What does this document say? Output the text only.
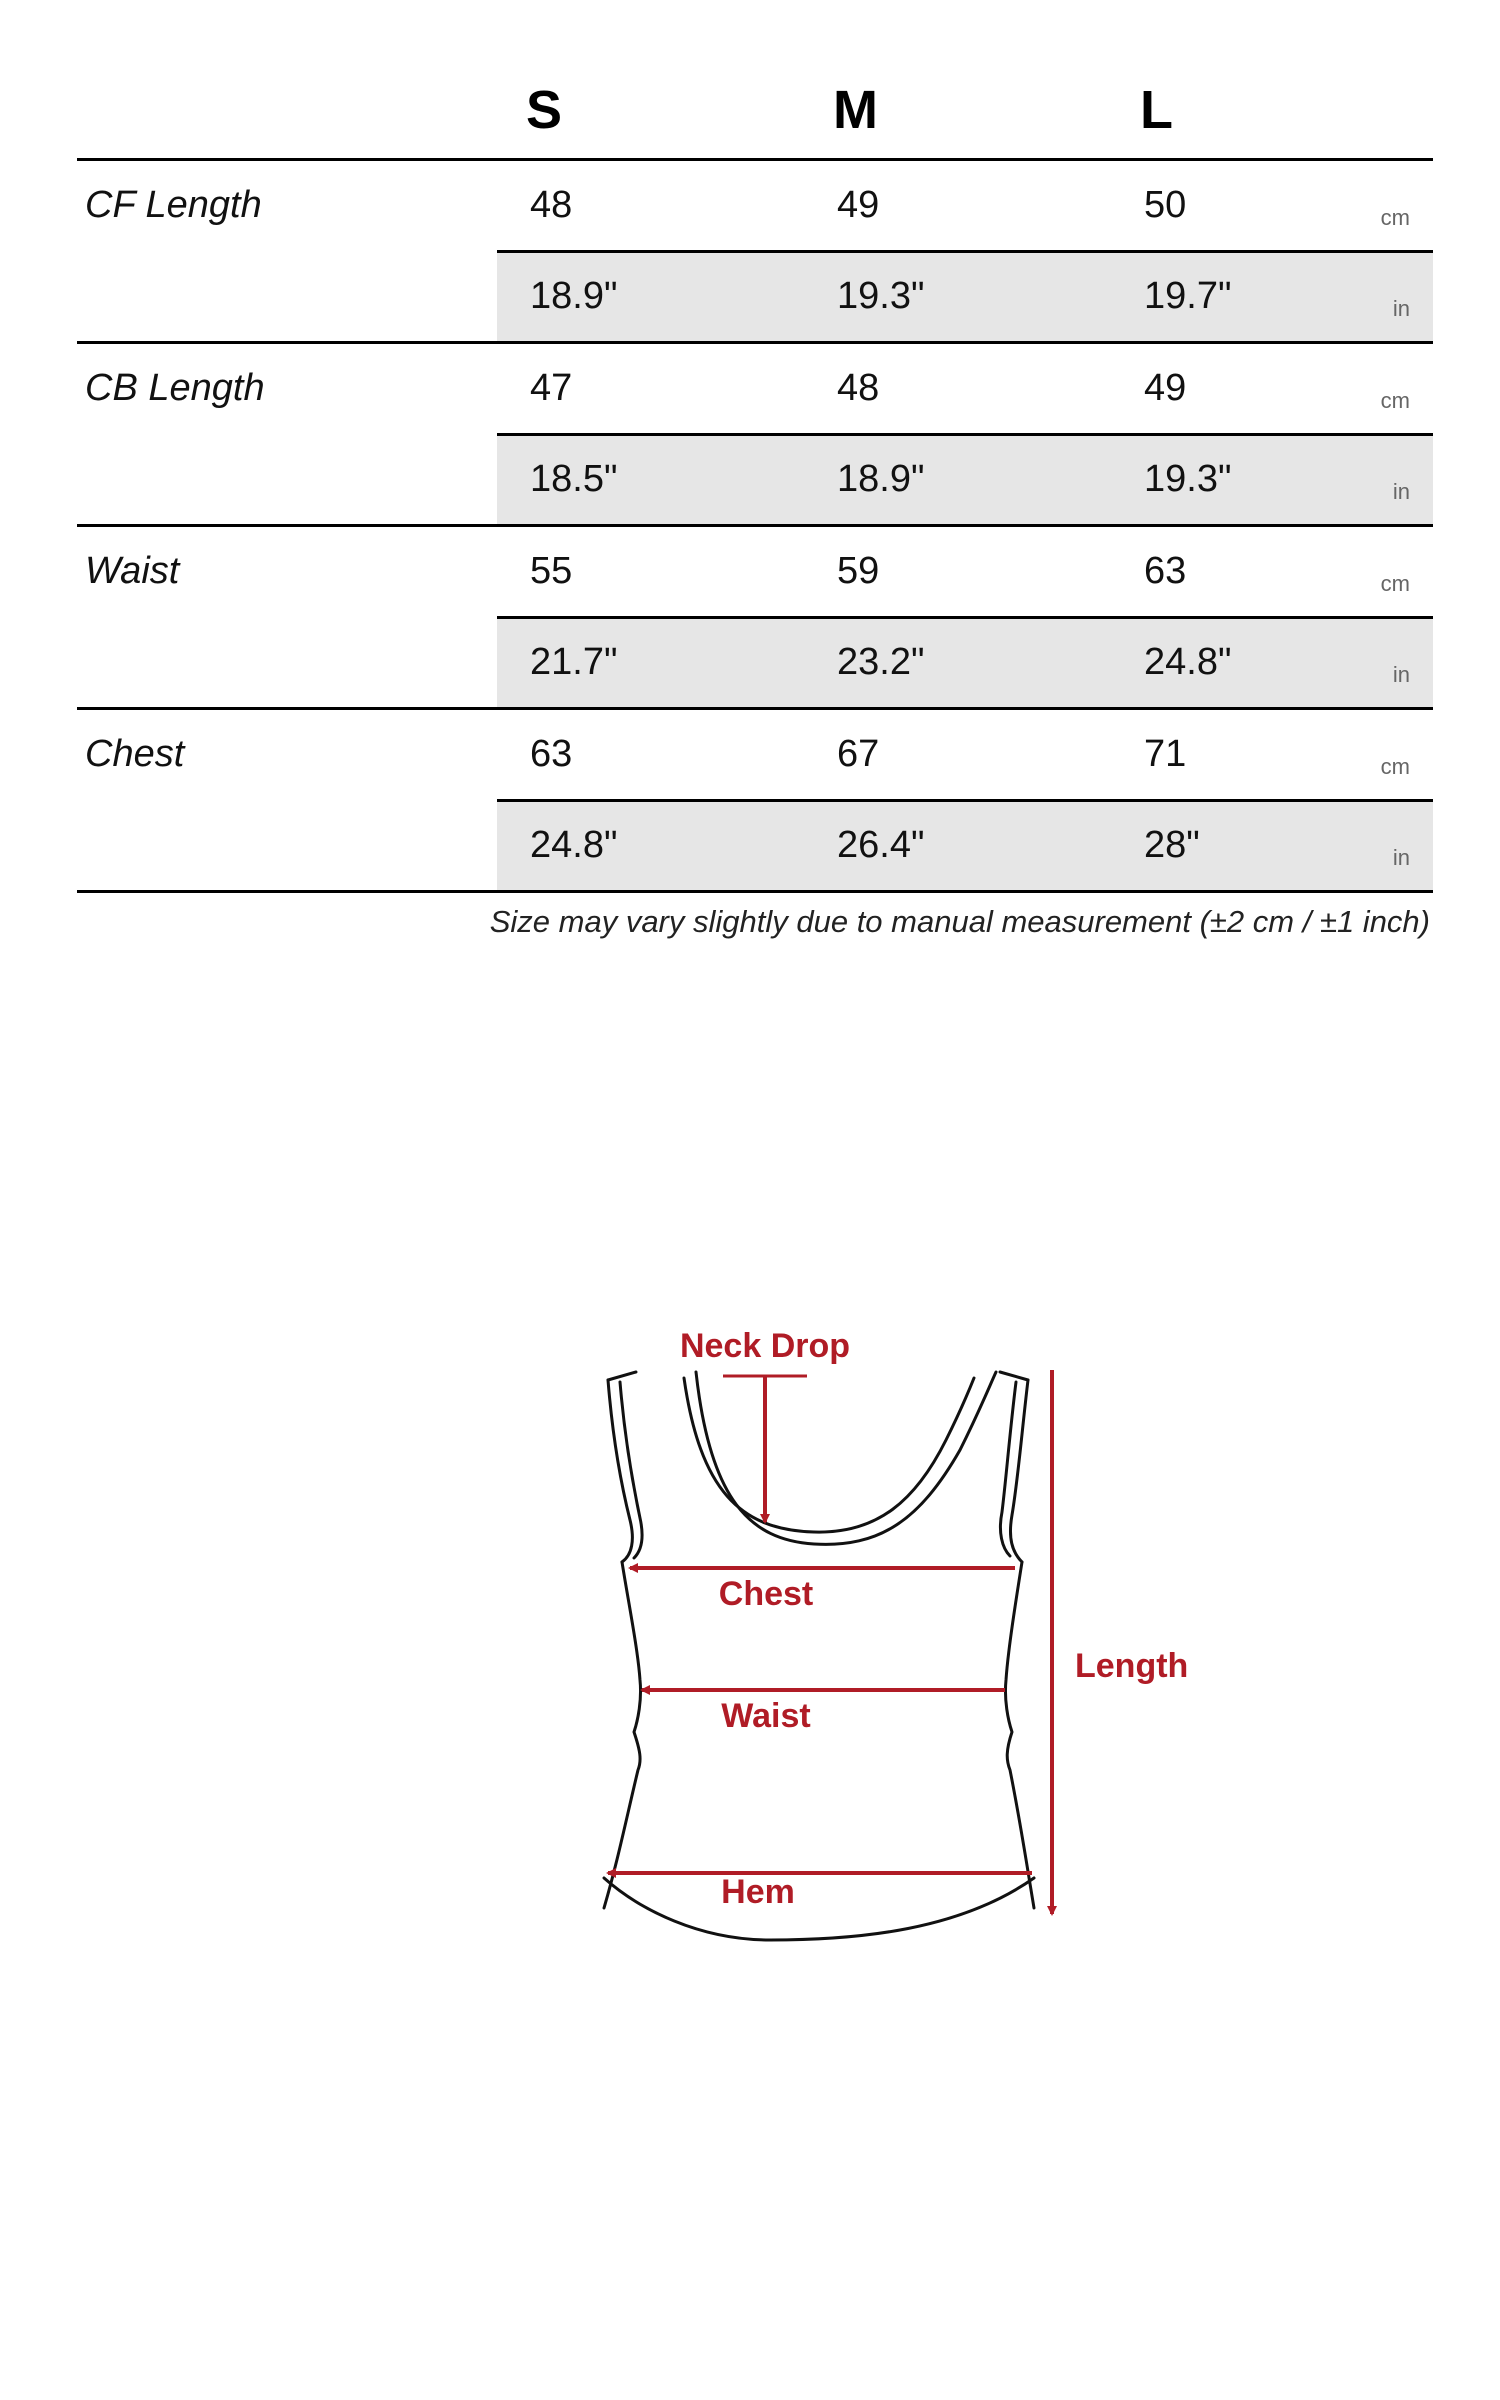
S	M	L
CF Length	48	49	50	cm
18.9"	19.3"	19.7"	in
CB Length	47	48	49	cm
18.5"	18.9"	19.3"	in
Waist	55	59	63	cm
21.7"	23.2"	24.8"	in
Chest	63	67	71	cm
24.8"	26.4"	28"	in
Size may vary slightly due to manual measurement (±2 cm / ±1 inch)
Neck Drop
Chest
Waist
Hem
Length
